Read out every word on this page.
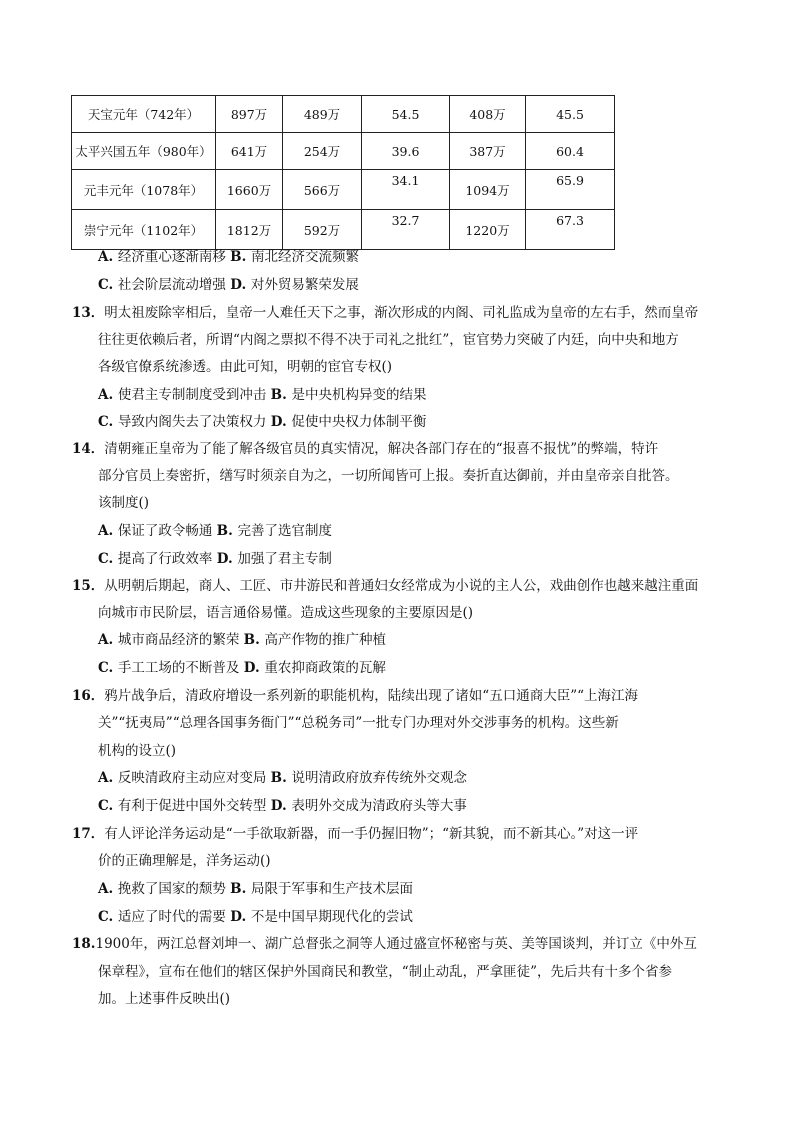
天宝元年（742年）	897万	489万	54.5	408万	45.5
太平兴国五年（980年）	641万	254万	39.6	387万	60.4
元丰元年（1078年）	1660万	566万	34.1	1094万	65.9
崇宁元年（1102年）	1812万	592万	32.7	1220万	67.3
A. 经济重心逐渐南移 B. 南北经济交流频繁
C. 社会阶层流动增强 D. 对外贸易繁荣发展
13．明太祖废除宰相后，皇帝一人难任天下之事，渐次形成的内阁、司礼监成为皇帝的左右手，然而皇帝
往往更依赖后者，所谓“内阁之票拟不得不决于司礼之批红”，宦官势力突破了内廷，向中央和地方
各级官僚系统渗透。由此可知，明朝的宦官专权()
A. 使君主专制制度受到冲击 B. 是中央机构异变的结果
C. 导致内阁失去了决策权力 D. 促使中央权力体制平衡
14．清朝雍正皇帝为了能了解各级官员的真实情况，解决各部门存在的“报喜不报忧”的弊端，特许
部分官员上奏密折，缮写时须亲自为之，一切所闻皆可上报。奏折直达御前，并由皇帝亲自批答。
该制度()
A. 保证了政令畅通 B. 完善了选官制度
C. 提高了行政效率 D. 加强了君主专制
15．从明朝后期起，商人、工匠、市井游民和普通妇女经常成为小说的主人公，戏曲创作也越来越注重面
向城市市民阶层，语言通俗易懂。造成这些现象的主要原因是()
A. 城市商品经济的繁荣 B. 高产作物的推广种植
C. 手工工场的不断普及 D. 重农抑商政策的瓦解
16．鸦片战争后，清政府增设一系列新的职能机构，陆续出现了诸如“五口通商大臣”“上海江海
关”“抚夷局”“总理各国事务衙门”“总税务司”一批专门办理对外交涉事务的机构。这些新
机构的设立()
A. 反映清政府主动应对变局 B. 说明清政府放弃传统外交观念
C. 有利于促进中国外交转型 D. 表明外交成为清政府头等大事
17．有人评论洋务运动是“一手欲取新器，而一手仍握旧物”；“新其貌，而不新其心。”对这一评
价的正确理解是，洋务运动()
A. 挽救了国家的颓势 B. 局限于军事和生产技术层面
C. 适应了时代的需要 D. 不是中国早期现代化的尝试
18.1900年，两江总督刘坤一、湖广总督张之洞等人通过盛宣怀秘密与英、美等国谈判，并订立《中外互
保章程》，宣布在他们的辖区保护外国商民和教堂，“制止动乱，严拿匪徒”，先后共有十多个省参
加。上述事件反映出()
